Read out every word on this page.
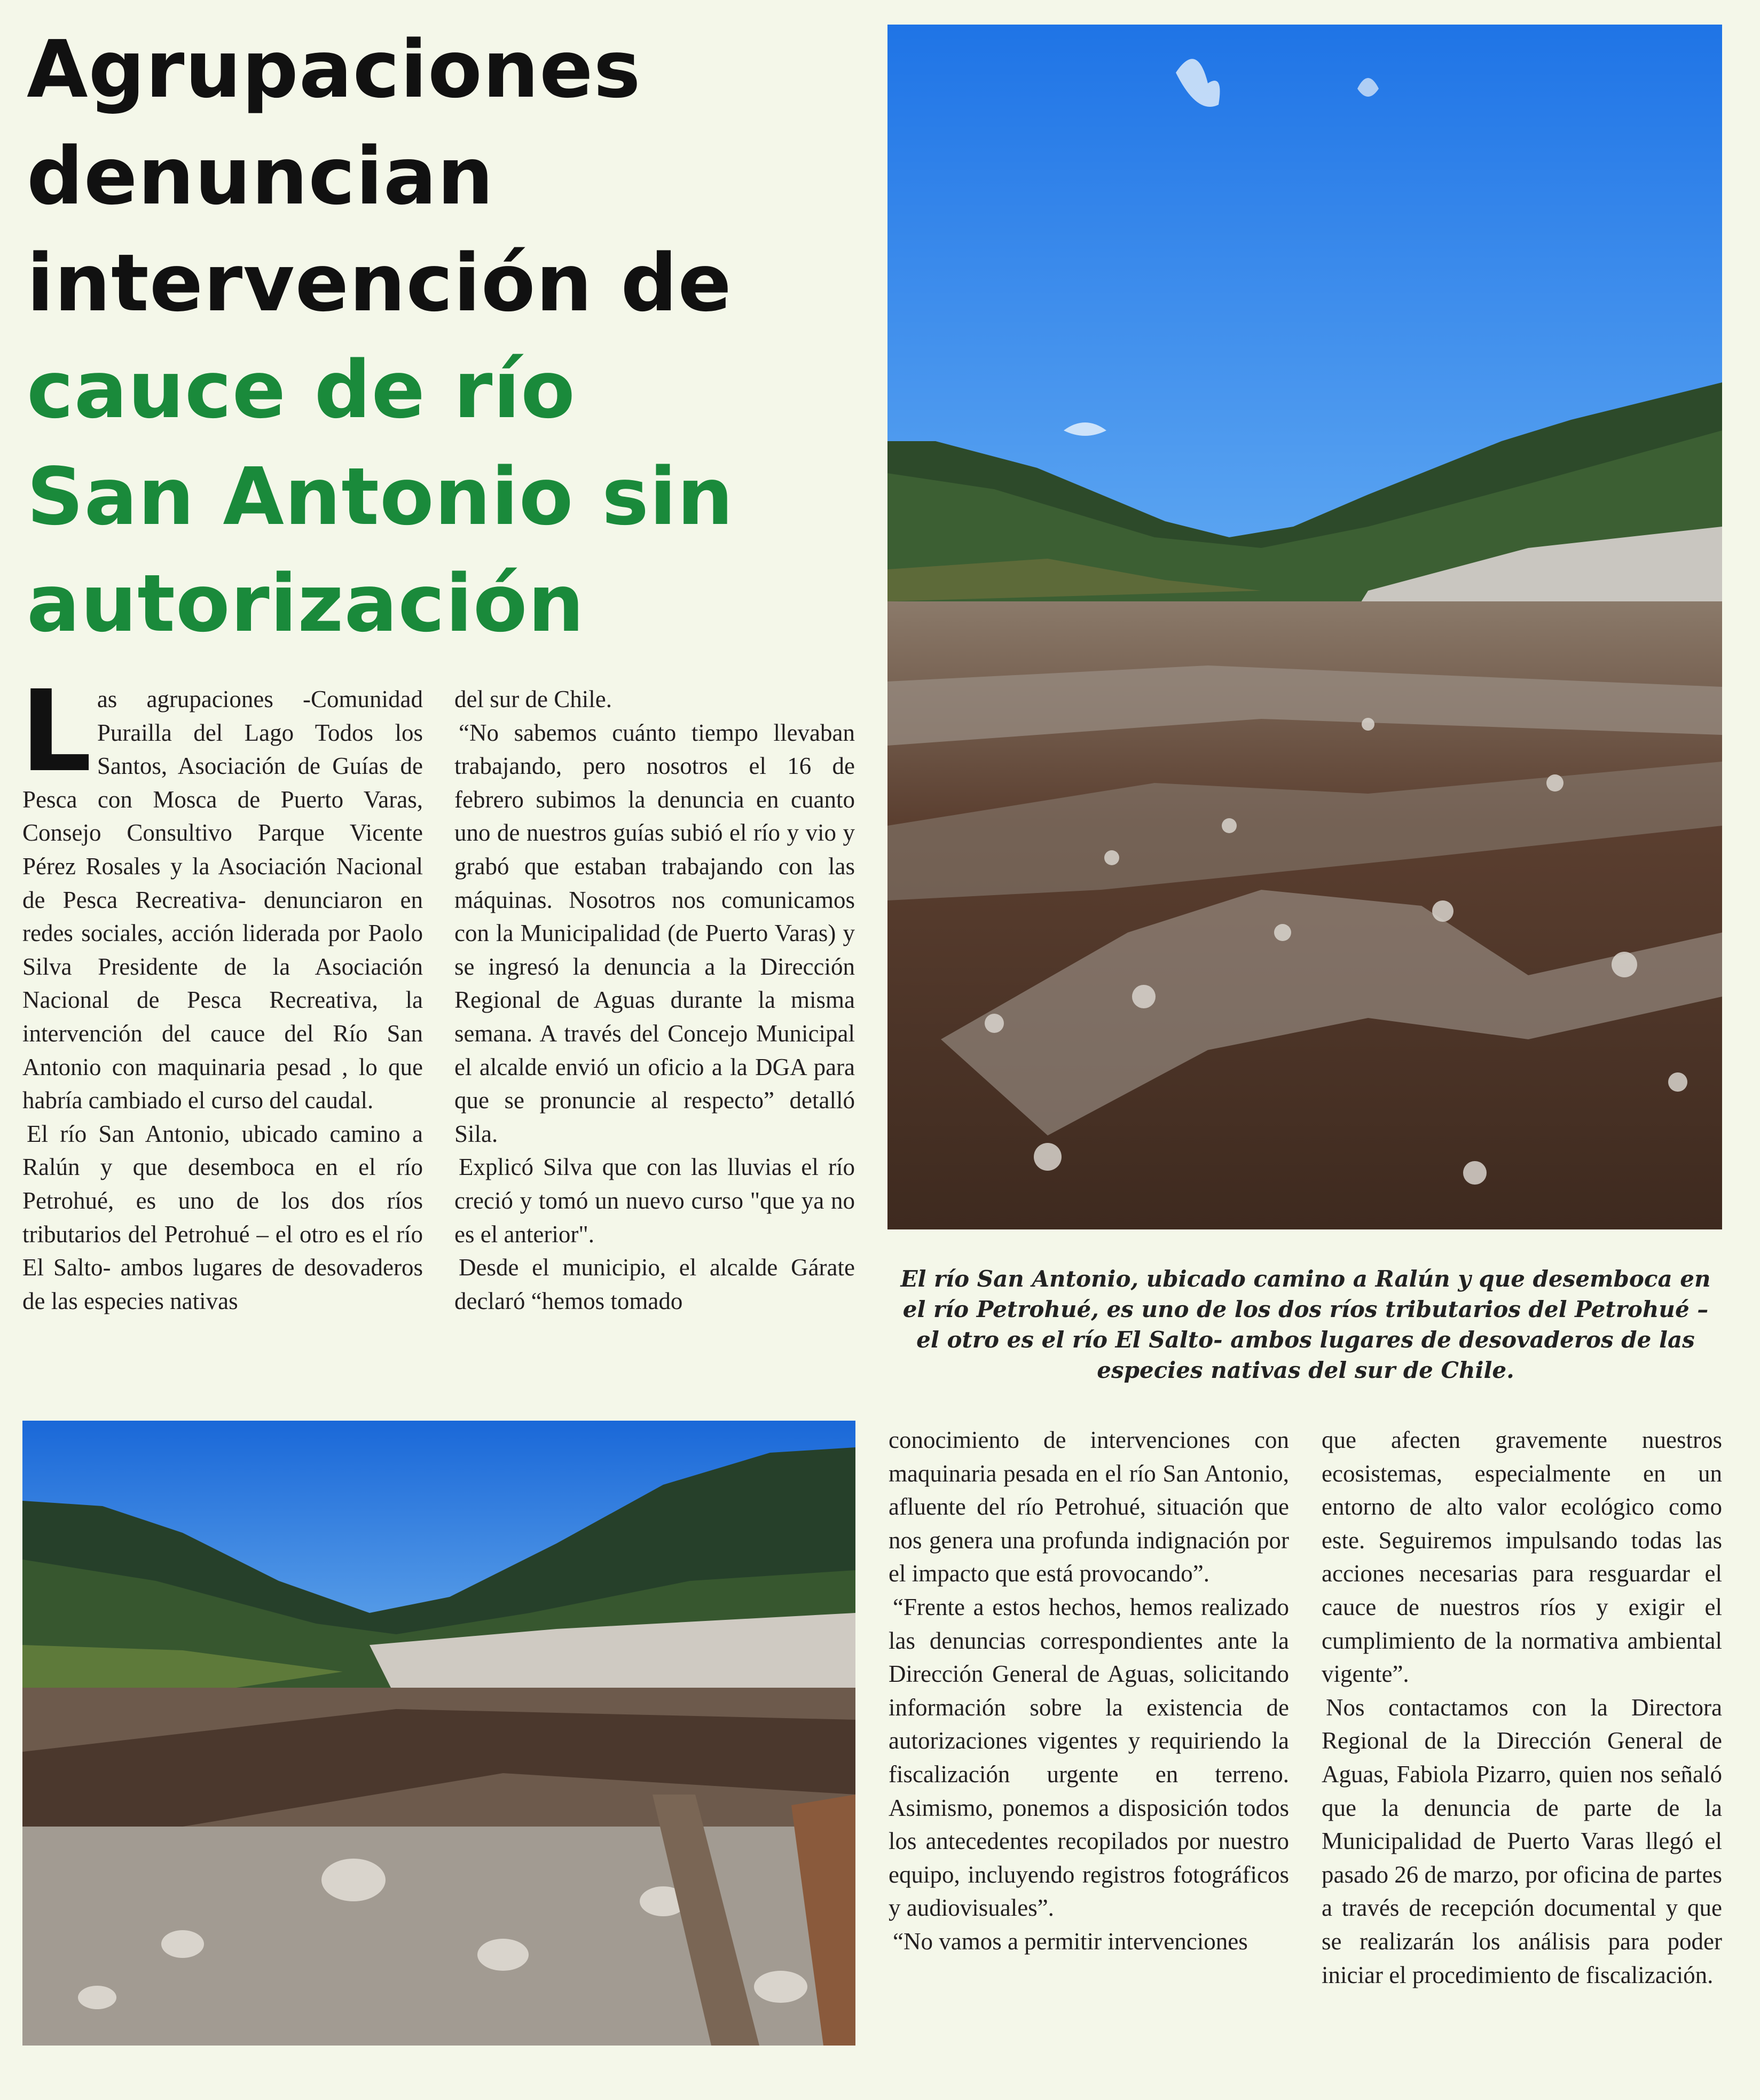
Agrupaciones
denuncian
intervención de
cauce de río
San Antonio sin
autorización
El río San Antonio, ubicado camino a Ralún y que desemboca en el río Petrohué, es uno de los dos ríos tributarios del Petrohué – el otro es el río El Salto- ambos lugares de desovaderos de las especies nativas del sur de Chile.
L as agrupaciones -Comunidad Purailla del Lago Todos los Santos, Asociación de Guías de Pesca con Mosca de Puerto Varas, Consejo Consultivo Parque Vicente Pérez Rosales y la Asociación Nacional de Pesca Recreativa- denunciaron en redes sociales, acción liderada por Paolo Silva Presidente de la Asociación Nacional de Pesca Recreativa, la intervención del cauce del Río San Antonio con maquinaria pesad , lo que habría cambiado el curso del caudal.

El río San Antonio, ubicado camino a Ralún y que desemboca en el río Petrohué, es uno de los dos ríos tributarios del Petrohué – el otro es el río El Salto- ambos lugares de desovaderos de las especies nativas

del sur de Chile.

“No sabemos cuánto tiempo llevaban trabajando, pero nosotros el 16 de febrero subimos la denuncia en cuanto uno de nuestros guías subió el río y vio y grabó que estaban trabajando con las máquinas. Nosotros nos comunicamos con la Municipalidad (de Puerto Varas) y se ingresó la denuncia a la Dirección Regional de Aguas durante la misma semana. A través del Concejo Municipal el alcalde envió un oficio a la DGA para que se pronuncie al respecto” detalló Sila.

Explicó Silva que con las lluvias el río creció y tomó un nuevo curso "que ya no es el anterior".

Desde el municipio, el alcalde Gárate declaró “hemos tomado

conocimiento de intervenciones con maquinaria pesada en el río San Antonio, afluente del río Petrohué, situación que nos genera una profunda indignación por el impacto que está provocando”.

“Frente a estos hechos, hemos realizado las denuncias correspondientes ante la Dirección General de Aguas, solicitando información sobre la existencia de autorizaciones vigentes y requiriendo la fiscalización urgente en terreno. Asimismo, ponemos a disposición todos los antecedentes recopilados por nuestro equipo, incluyendo registros fotográficos y audiovisuales”.

“No vamos a permitir intervenciones

que afecten gravemente nuestros ecosistemas, especialmente en un entorno de alto valor ecológico como este. Seguiremos impulsando todas las acciones necesarias para resguardar el cauce de nuestros ríos y exigir el cumplimiento de la normativa ambiental vigente”.

Nos contactamos con la Directora Regional de la Dirección General de Aguas, Fabiola Pizarro, quien nos señaló que la denuncia de parte de la Municipalidad de Puerto Varas llegó el pasado 26 de marzo, por oficina de partes a través de recepción documental y que se realizarán los análisis para poder iniciar el procedimiento de fiscalización.
